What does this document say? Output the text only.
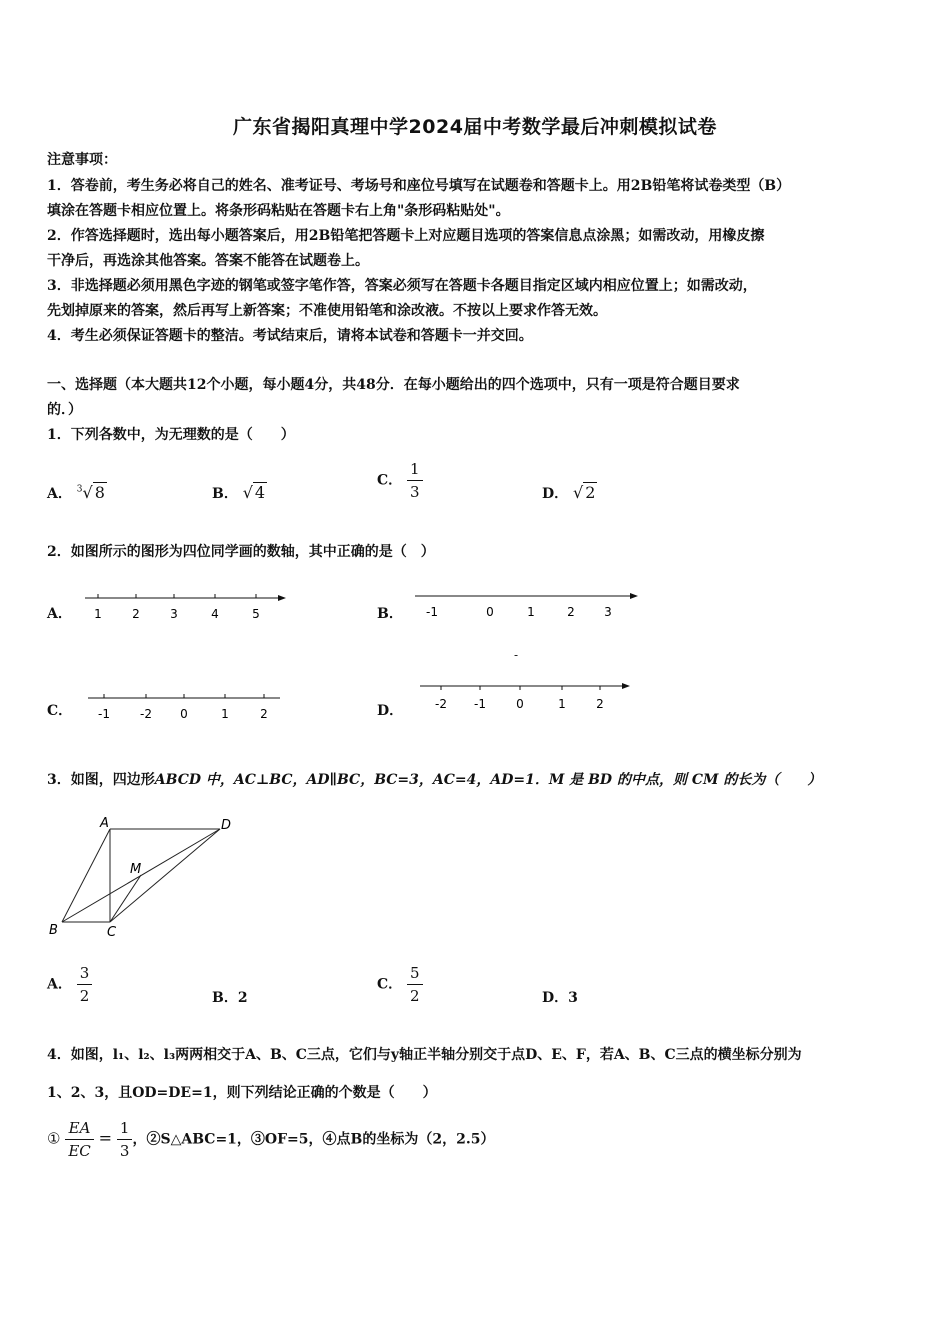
广东省揭阳真理中学2024届中考数学最后冲刺模拟试卷
注意事项：
1．答卷前，考生务必将自己的姓名、准考证号、考场号和座位号填写在试题卷和答题卡上。用2B铅笔将试卷类型（B）
填涂在答题卡相应位置上。将条形码粘贴在答题卡右上角"条形码粘贴处"。
2．作答选择题时，选出每小题答案后，用2B铅笔把答题卡上对应题目选项的答案信息点涂黑；如需改动，用橡皮擦
干净后，再选涂其他答案。答案不能答在试题卷上。
3．非选择题必须用黑色字迹的钢笔或签字笔作答，答案必须写在答题卡各题目指定区域内相应位置上；如需改动，
先划掉原来的答案，然后再写上新答案；不准使用铅笔和涂改液。不按以上要求作答无效。
4．考生必须保证答题卡的整洁。考试结束后，请将本试卷和答题卡一并交回。
一、选择题（本大题共12个小题，每小题4分，共48分．在每小题给出的四个选项中，只有一项是符合题目要求
的．）
1．下列各数中，为无理数的是（　　）
A． $^3$√ 8	B． √ 4
C． $\frac{1}{3}$	D． √ 2
2．如图所示的图形为四位同学画的数轴，其中正确的是（　）
A． 1	2	3	4	5	B． -1	0	1	2 3
-
C． -1	-2 0	1	2	D．	-2 -1	0	1	2
3．如图，四边形ABCD 中，AC⊥BC，AD∥BC，BC=3，AC=4，AD=1．M 是 BD 的中点，则 CM 的长为（　　）
A	D
M
B	C
A． $\frac{3}{2}$	B．2
C． $\frac{5}{2}$	D．3
4．如图，l₁、l₂、l₃两两相交于A、B、C三点，它们与y轴正半轴分别交于点D、E、F，若A、B、C三点的横坐标分别为
1、2、3，且OD=DE=1，则下列结论正确的个数是（　　）
① $\frac{EA}{EC} = \frac{1}{3}$ ，②S△ABC=1，③OF=5，④点B的坐标为（2，2.5）
